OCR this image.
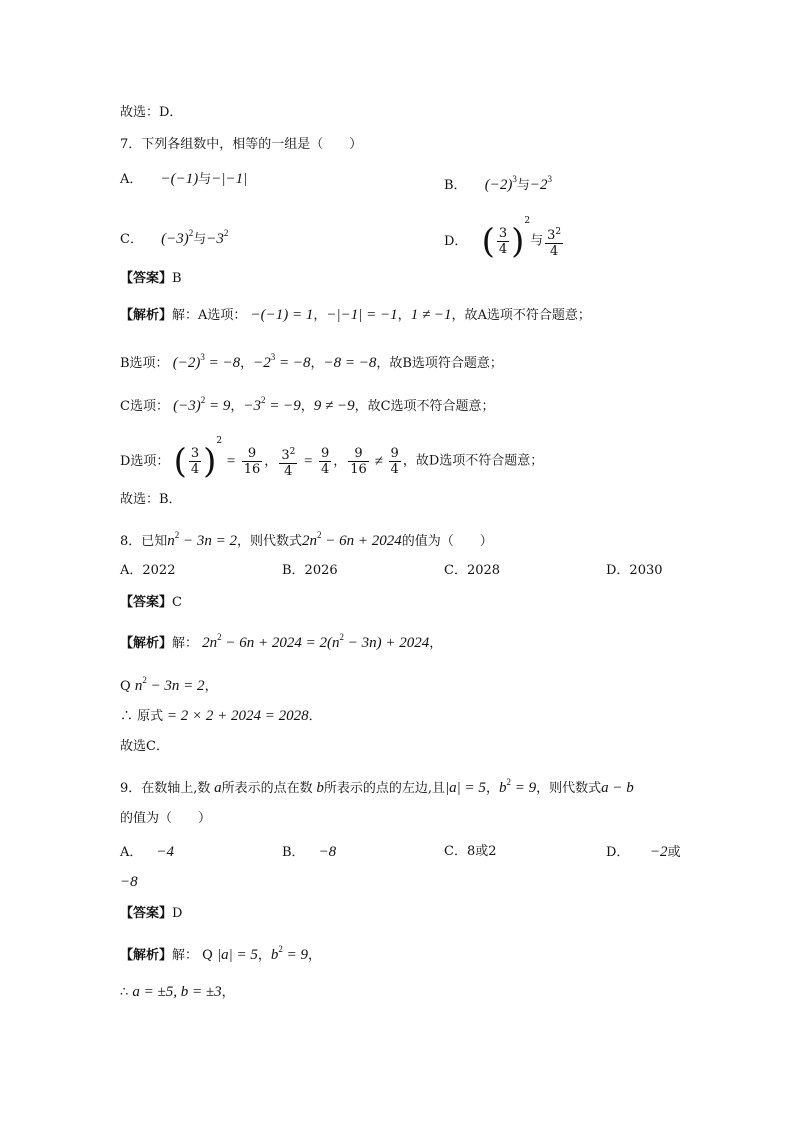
故选：D．
7．下列各组数中，相等的一组是（　　）
A． −(−1)与−|−1|	B． $(-2)^3$与$-2^3$
C． $(-3)^2$与$-3^2$
D． ( $\frac{3}{4} )^2$与 $\frac{3^2}{4}$
【答案】B
【解析】解：A选项： −(−1) = 1，−|−1| = −1，1 ≠ −1，故A选项不符合题意；
B选项： $(-2)^3 = -8$，$-2^3 = -8$，−8 = −8，故B选项符合题意；
C选项： $(-3)^2 = 9$，$-3^2 = -9$，9 ≠ −9，故C选项不符合题意；
D选项： ( $\frac{3}{4} )^2 = \frac{9}{16}$ ， $\frac{3^2}{4} = \frac{9}{4}$ ， $\frac{9}{16} \ne \frac{9}{4}$ ，故D选项不符合题意；
故选：B．
8．已知$n^2 - 3n = 2$，则代数式$2n^2 - 6n + 2024$的值为（　　）
A．2022	B．2026	C．2028	D．2030
【答案】C
【解析】解： $2n^2 - 6n + 2024 = 2(n^2 - 3n) + 2024$，
Q $n^2 - 3n = 2$，
∴ 原式 = 2 × 2 + 2024 = 2028．
故选C．
9．在数轴上,数 a所表示的点在数 b所表示的点的左边,且|a| = 5，$b^2 = 9$，则代数式a − b
的值为（　　）
A． −4	B． −8	C．8或2	D．　−2或
−8
【答案】D
【解析】解： Q |a| = 5，$b^2 = 9$，
∴ a = ±5, b = ±3，
